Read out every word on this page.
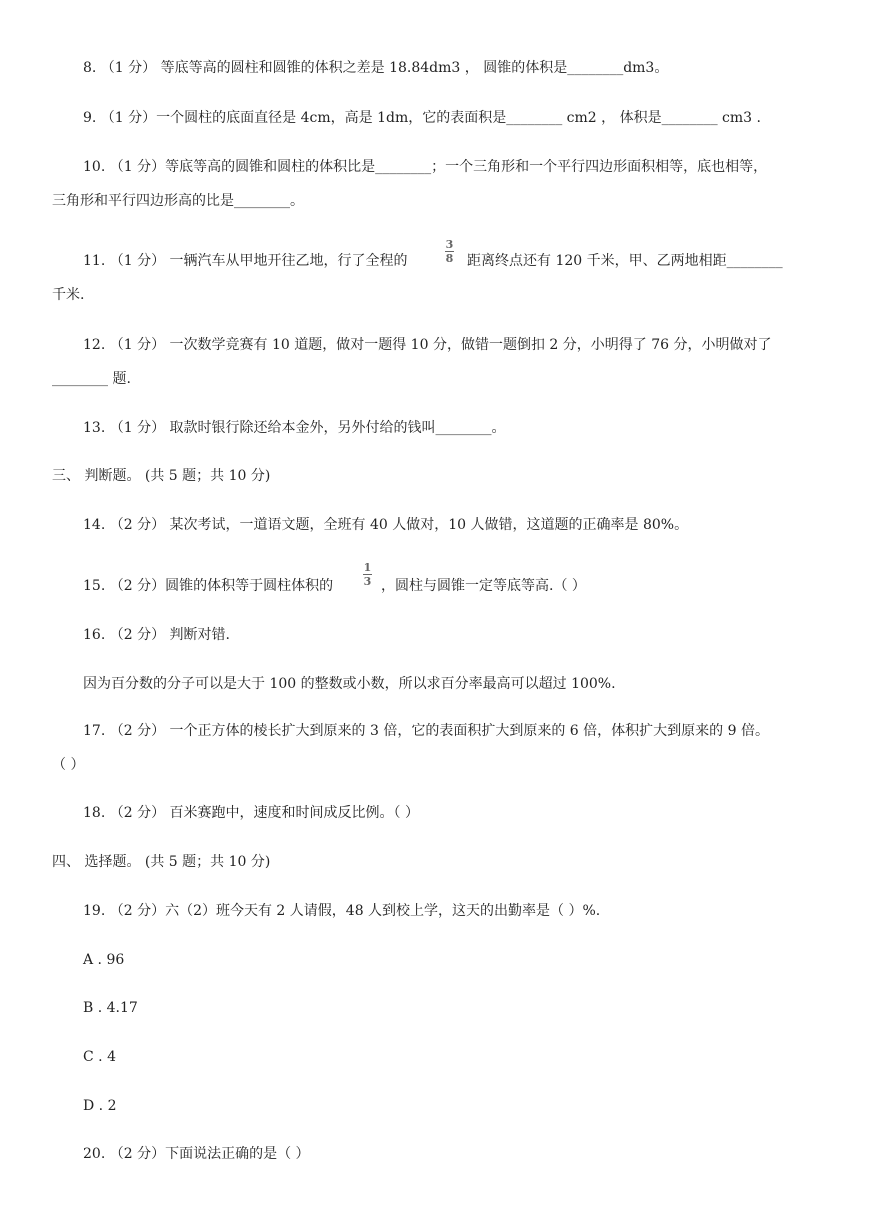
8. （1 分） 等底等高的圆柱和圆锥的体积之差是 18.84dm3 ， 圆锥的体积是________dm3。
9. （1 分）一个圆柱的底面直径是 4cm，高是 1dm，它的表面积是________ cm2 ， 体积是________ cm3 .
10. （1 分）等底等高的圆锥和圆柱的体积比是________；一个三角形和一个平行四边形面积相等，底也相等，
三角形和平行四边形高的比是________。
11. （1 分） 一辆汽车从甲地开往乙地，行了全程的
3
8 距离终点还有 120 千米，甲、乙两地相距________
千米.
12. （1 分） 一次数学竞赛有 10 道题，做对一题得 10 分，做错一题倒扣 2 分，小明得了 76 分，小明做对了
________ 题.
13. （1 分） 取款时银行除还给本金外，另外付给的钱叫________。
三、 判断题。 (共 5 题；共 10 分)
14. （2 分） 某次考试，一道语文题，全班有 40 人做对，10 人做错，这道题的正确率是 80%。
15. （2 分）圆锥的体积等于圆柱体积的
1
3 ，圆柱与圆锥一定等底等高.（ ）
16. （2 分） 判断对错.
因为百分数的分子可以是大于 100 的整数或小数，所以求百分率最高可以超过 100%.
17. （2 分） 一个正方体的棱长扩大到原来的 3 倍，它的表面积扩大到原来的 6 倍，体积扩大到原来的 9 倍。
（ ）
18. （2 分） 百米赛跑中，速度和时间成反比例。（ ）
四、 选择题。 (共 5 题；共 10 分)
19. （2 分）六（2）班今天有 2 人请假，48 人到校上学，这天的出勤率是（ ）%.
A . 96
B . 4.17
C . 4
D . 2
20. （2 分）下面说法正确的是（ ）
